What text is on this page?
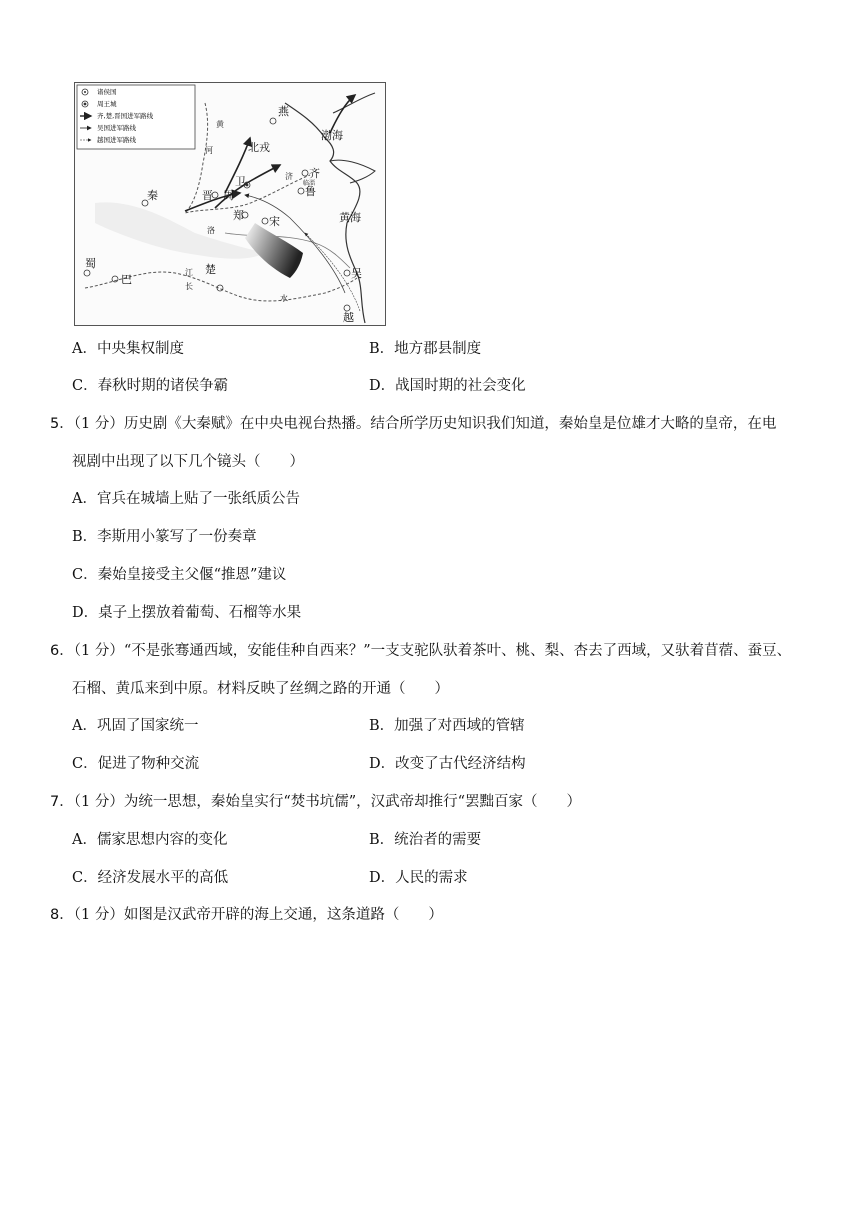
诸侯国
周王城
齐,楚,晋国进军路线
吴国进军路线
越国进军路线
燕
渤海
北戎
黄
河
卫
齐
临淄
鲁
黄海
秦	晋 周
郑 宋
蜀
巴
楚
江
长
吴
越
水
洛
济
A．中央集权制度	B．地方郡县制度
C．春秋时期的诸侯争霸	D．战国时期的社会变化
5．（1 分）历史剧《大秦赋》在中央电视台热播。结合所学历史知识我们知道，秦始皇是位雄才大略的皇帝，在电
视剧中出现了以下几个镜头（　　）
A．官兵在城墙上贴了一张纸质公告
B．李斯用小篆写了一份奏章
C．秦始皇接受主父偃“推恩”建议
D．桌子上摆放着葡萄、石榴等水果
6．（1 分）“不是张骞通西域，安能佳种自西来？”一支支驼队驮着茶叶、桃、梨、杏去了西域，又驮着苜蓿、蚕豆、
石榴、黄瓜来到中原。材料反映了丝绸之路的开通（　　）
A．巩固了国家统一	B．加强了对西域的管辖
C．促进了物种交流	D．改变了古代经济结构
7．（1 分）为统一思想，秦始皇实行“焚书坑儒”，汉武帝却推行“罢黜百家（　　）
A．儒家思想内容的变化	B．统治者的需要
C．经济发展水平的高低	D．人民的需求
8．（1 分）如图是汉武帝开辟的海上交通，这条道路（　　）
